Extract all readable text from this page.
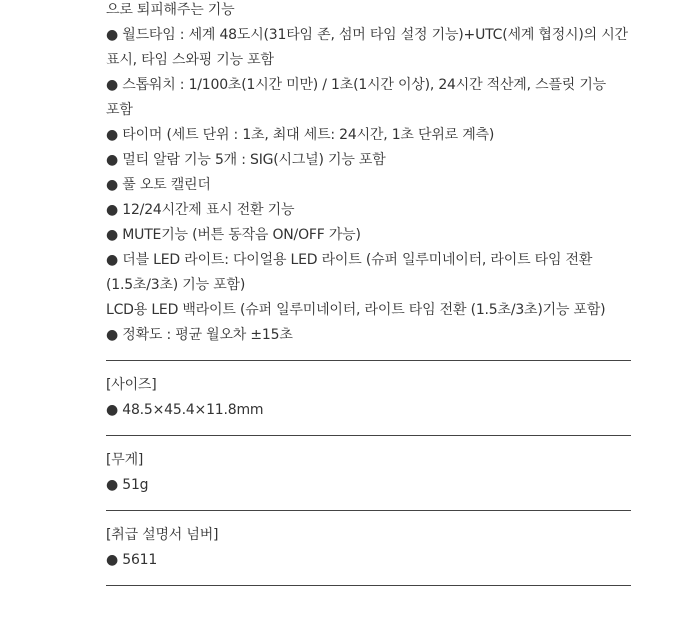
으로 퇴피해주는 기능
● 월드타임 : 세계 48도시(31타임 존, 섬머 타임 설정 기능)+UTC(세계 협정시)의 시간 표시, 타임 스와핑 기능 포함
● 스톱워치 : 1/100초(1시간 미만) / 1초(1시간 이상), 24시간 적산계, 스플릿 기능 포함
● 타이머 (세트 단위 : 1초, 최대 세트: 24시간, 1초 단위로 계측)
● 멀티 알람 기능 5개 : SIG(시그널) 기능 포함
● 풀 오토 캘린더
● 12/24시간제 표시 전환 기능
● MUTE기능 (버튼 동작음 ON/OFF 가능)
● 더블 LED 라이트: 다이얼용 LED 라이트 (슈퍼 일루미네이터, 라이트 타임 전환 (1.5초/3초) 기능 포함)
LCD용 LED 백라이트 (슈퍼 일루미네이터, 라이트 타임 전환 (1.5초/3초)기능 포함)
● 정확도 : 평균 월오차 ±15초
[사이즈]
● 48.5×45.4×11.8mm
[무게]
● 51g
[취급 설명서 넘버]
● 5611
